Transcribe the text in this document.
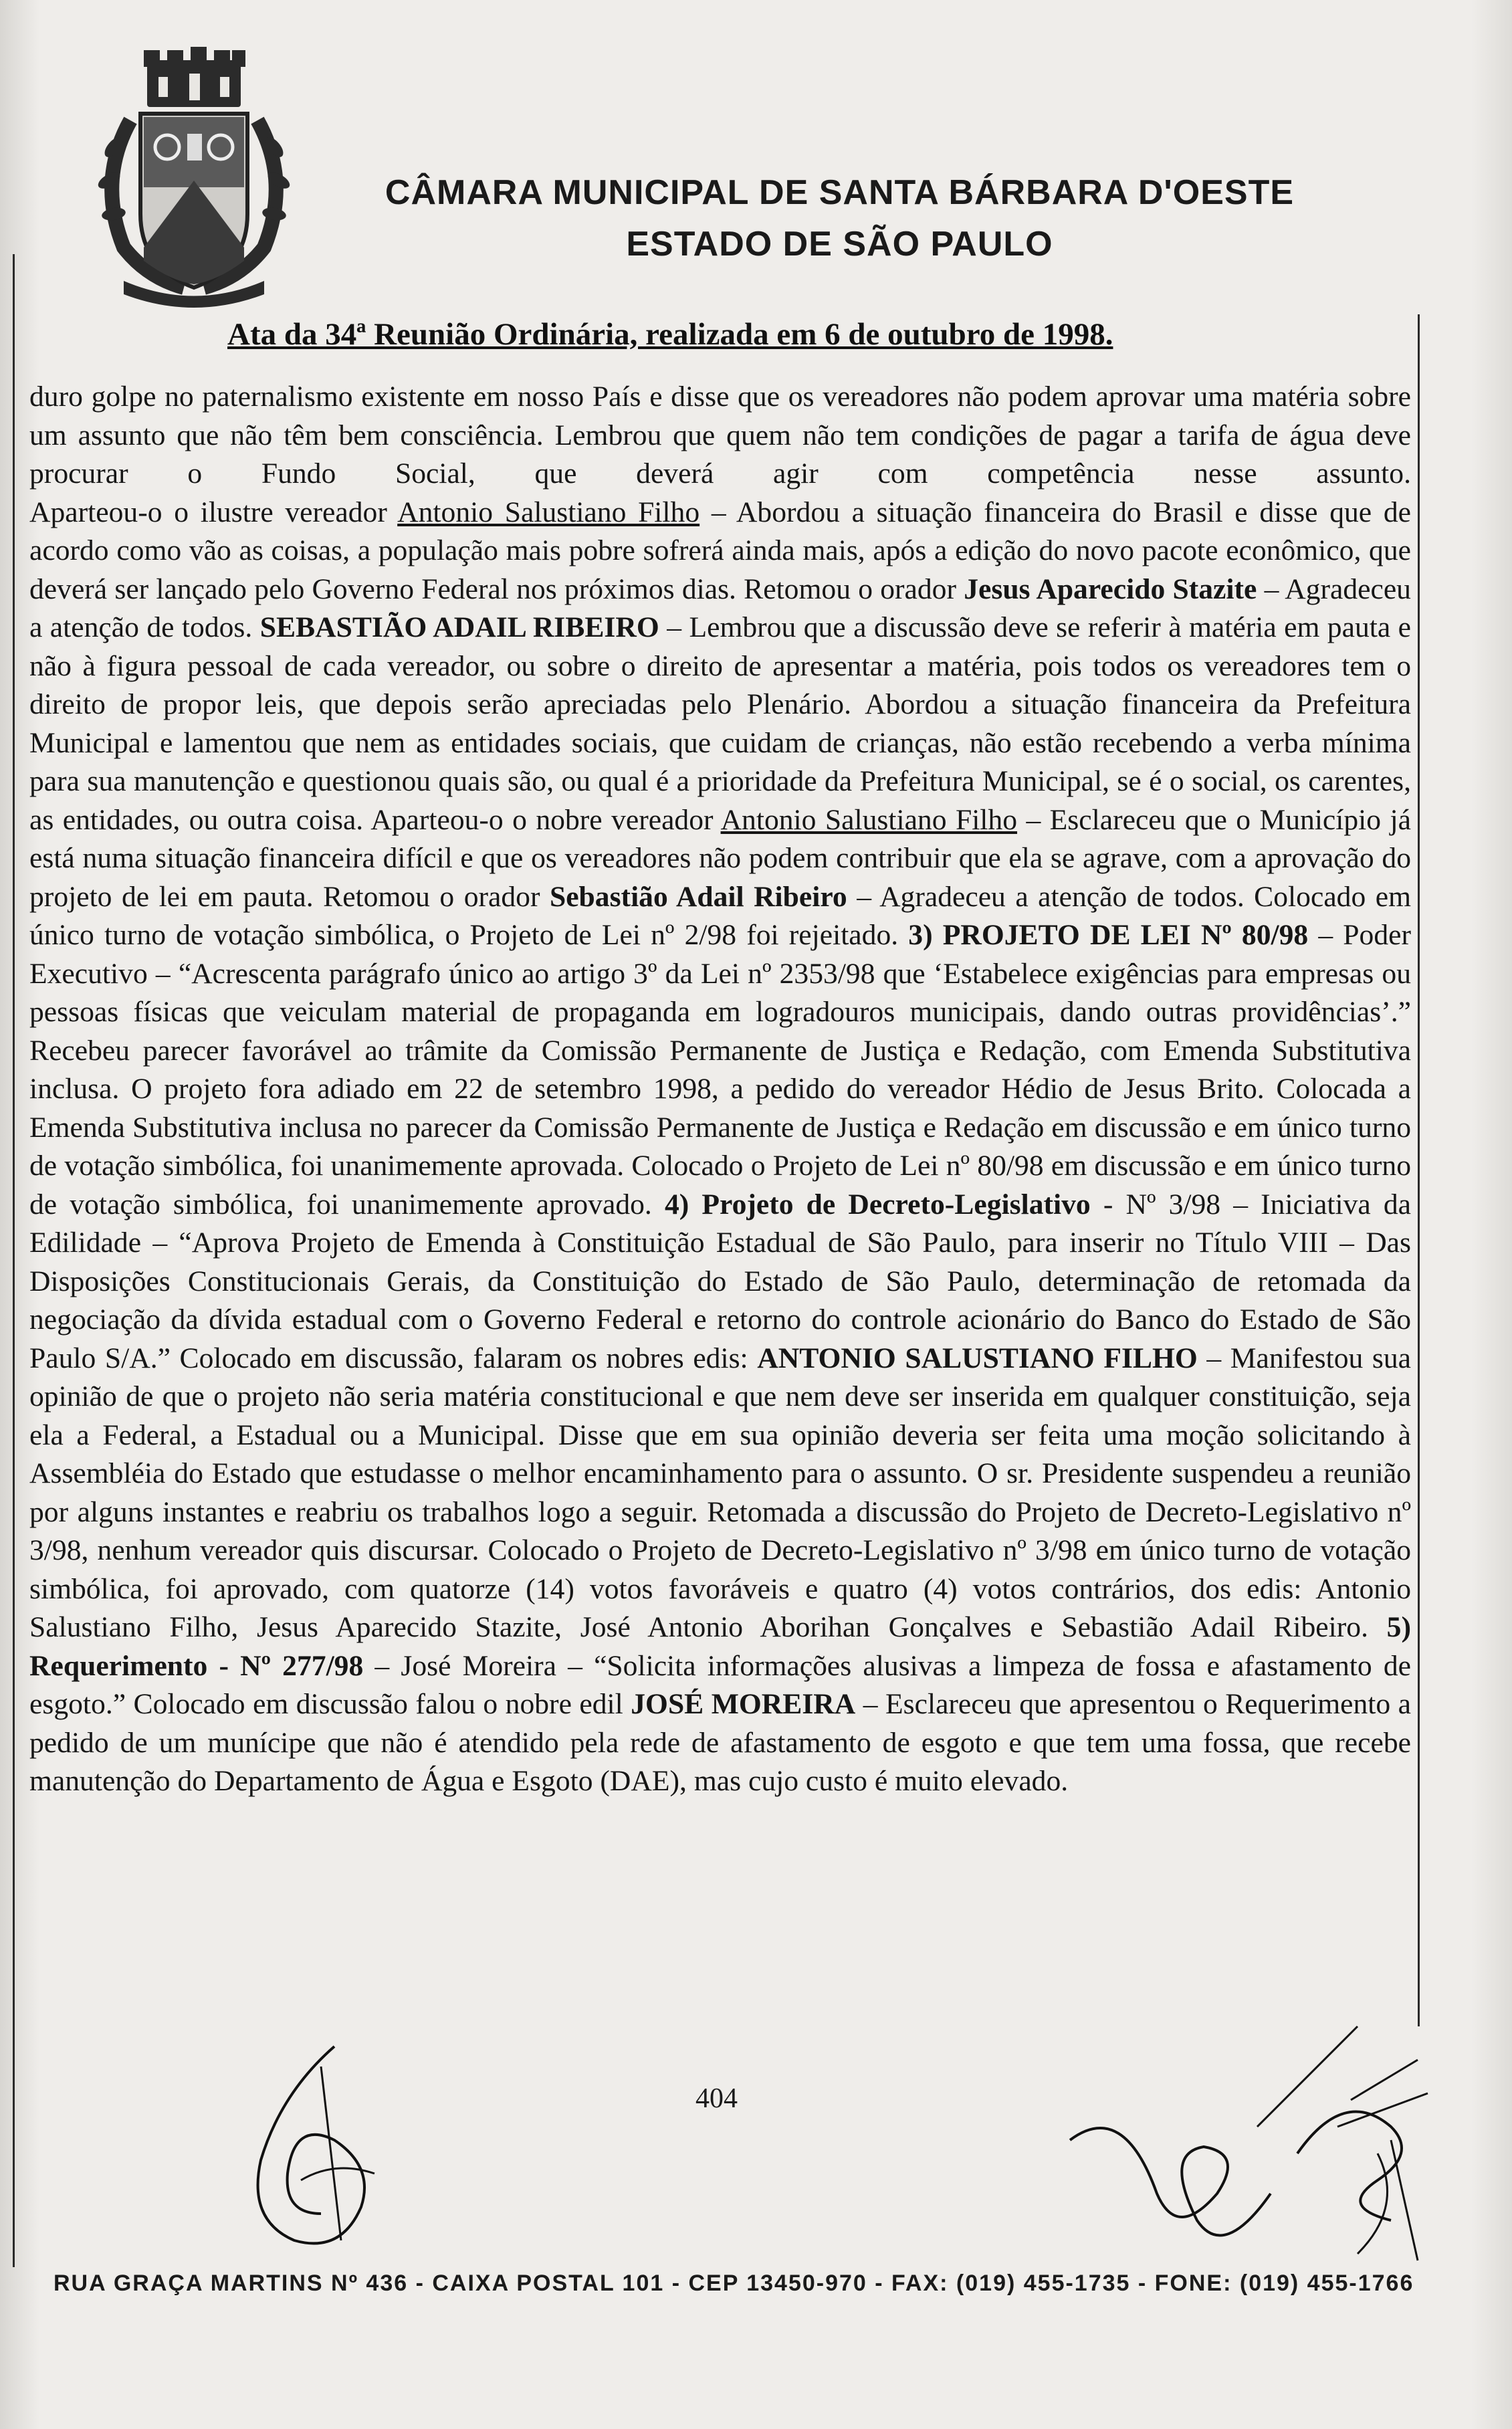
CÂMARA MUNICIPAL DE SANTA BÁRBARA D'OESTE
ESTADO DE SÃO PAULO
Ata da 34ª Reunião Ordinária, realizada em 6 de outubro de 1998.

duro golpe no paternalismo existente em nosso País e disse que os vereadores não podem aprovar uma matéria sobre um assunto que não têm bem consciência. Lembrou que quem não tem condições de pagar a tarifa de água deve procurar o Fundo Social, que deverá agir com competência nesse assunto.

Aparteou-o o ilustre vereador Antonio Salustiano Filho – Abordou a situação financeira do Brasil e disse que de acordo como vão as coisas, a população mais pobre sofrerá ainda mais, após a edição do novo pacote econômico, que deverá ser lançado pelo Governo Federal nos próximos dias. Retomou o orador Jesus Aparecido Stazite – Agradeceu a atenção de todos. SEBASTIÃO ADAIL RIBEIRO – Lembrou que a discussão deve se referir à matéria em pauta e não à figura pessoal de cada vereador, ou sobre o direito de apresentar a matéria, pois todos os vereadores tem o direito de propor leis, que depois serão apreciadas pelo Plenário. Abordou a situação financeira da Prefeitura Municipal e lamentou que nem as entidades sociais, que cuidam de crianças, não estão recebendo a verba mínima para sua manutenção e questionou quais são, ou qual é a prioridade da Prefeitura Municipal, se é o social, os carentes, as entidades, ou outra coisa. Aparteou-o o nobre vereador Antonio Salustiano Filho – Esclareceu que o Município já está numa situação financeira difícil e que os vereadores não podem contribuir que ela se agrave, com a aprovação do projeto de lei em pauta. Retomou o orador Sebastião Adail Ribeiro – Agradeceu a atenção de todos. Colocado em único turno de votação simbólica, o Projeto de Lei nº 2/98 foi rejeitado. 3) PROJETO DE LEI Nº 80/98 – Poder Executivo – “Acrescenta parágrafo único ao artigo 3º da Lei nº 2353/98 que ‘Estabelece exigências para empresas ou pessoas físicas que veiculam material de propaganda em logradouros municipais, dando outras providências’.” Recebeu parecer favorável ao trâmite da Comissão Permanente de Justiça e Redação, com Emenda Substitutiva inclusa. O projeto fora adiado em 22 de setembro 1998, a pedido do vereador Hédio de Jesus Brito. Colocada a Emenda Substitutiva inclusa no parecer da Comissão Permanente de Justiça e Redação em discussão e em único turno de votação simbólica, foi unanimemente aprovada. Colocado o Projeto de Lei nº 80/98 em discussão e em único turno de votação simbólica, foi unanimemente aprovado. 4) Projeto de Decreto-Legislativo - Nº 3/98 – Iniciativa da Edilidade – “Aprova Projeto de Emenda à Constituição Estadual de São Paulo, para inserir no Título VIII – Das Disposições Constitucionais Gerais, da Constituição do Estado de São Paulo, determinação de retomada da negociação da dívida estadual com o Governo Federal e retorno do controle acionário do Banco do Estado de São Paulo S/A.” Colocado em discussão, falaram os nobres edis: ANTONIO SALUSTIANO FILHO – Manifestou sua opinião de que o projeto não seria matéria constitucional e que nem deve ser inserida em qualquer constituição, seja ela a Federal, a Estadual ou a Municipal. Disse que em sua opinião deveria ser feita uma moção solicitando à Assembléia do Estado que estudasse o melhor encaminhamento para o assunto. O sr. Presidente suspendeu a reunião por alguns instantes e reabriu os trabalhos logo a seguir. Retomada a discussão do Projeto de Decreto-Legislativo nº 3/98, nenhum vereador quis discursar. Colocado o Projeto de Decreto-Legislativo nº 3/98 em único turno de votação simbólica, foi aprovado, com quatorze (14) votos favoráveis e quatro (4) votos contrários, dos edis: Antonio Salustiano Filho, Jesus Aparecido Stazite, José Antonio Aborihan Gonçalves e Sebastião Adail Ribeiro. 5) Requerimento - Nº 277/98 – José Moreira – “Solicita informações alusivas a limpeza de fossa e afastamento de esgoto.” Colocado em discussão falou o nobre edil JOSÉ MOREIRA – Esclareceu que apresentou o Requerimento a pedido de um munícipe que não é atendido pela rede de afastamento de esgoto e que tem uma fossa, que recebe manutenção do Departamento de Água e Esgoto (DAE), mas cujo custo é muito elevado.

404
RUA GRAÇA MARTINS Nº 436 - CAIXA POSTAL 101 - CEP 13450-970 - FAX: (019) 455-1735 - FONE: (019) 455-1766
